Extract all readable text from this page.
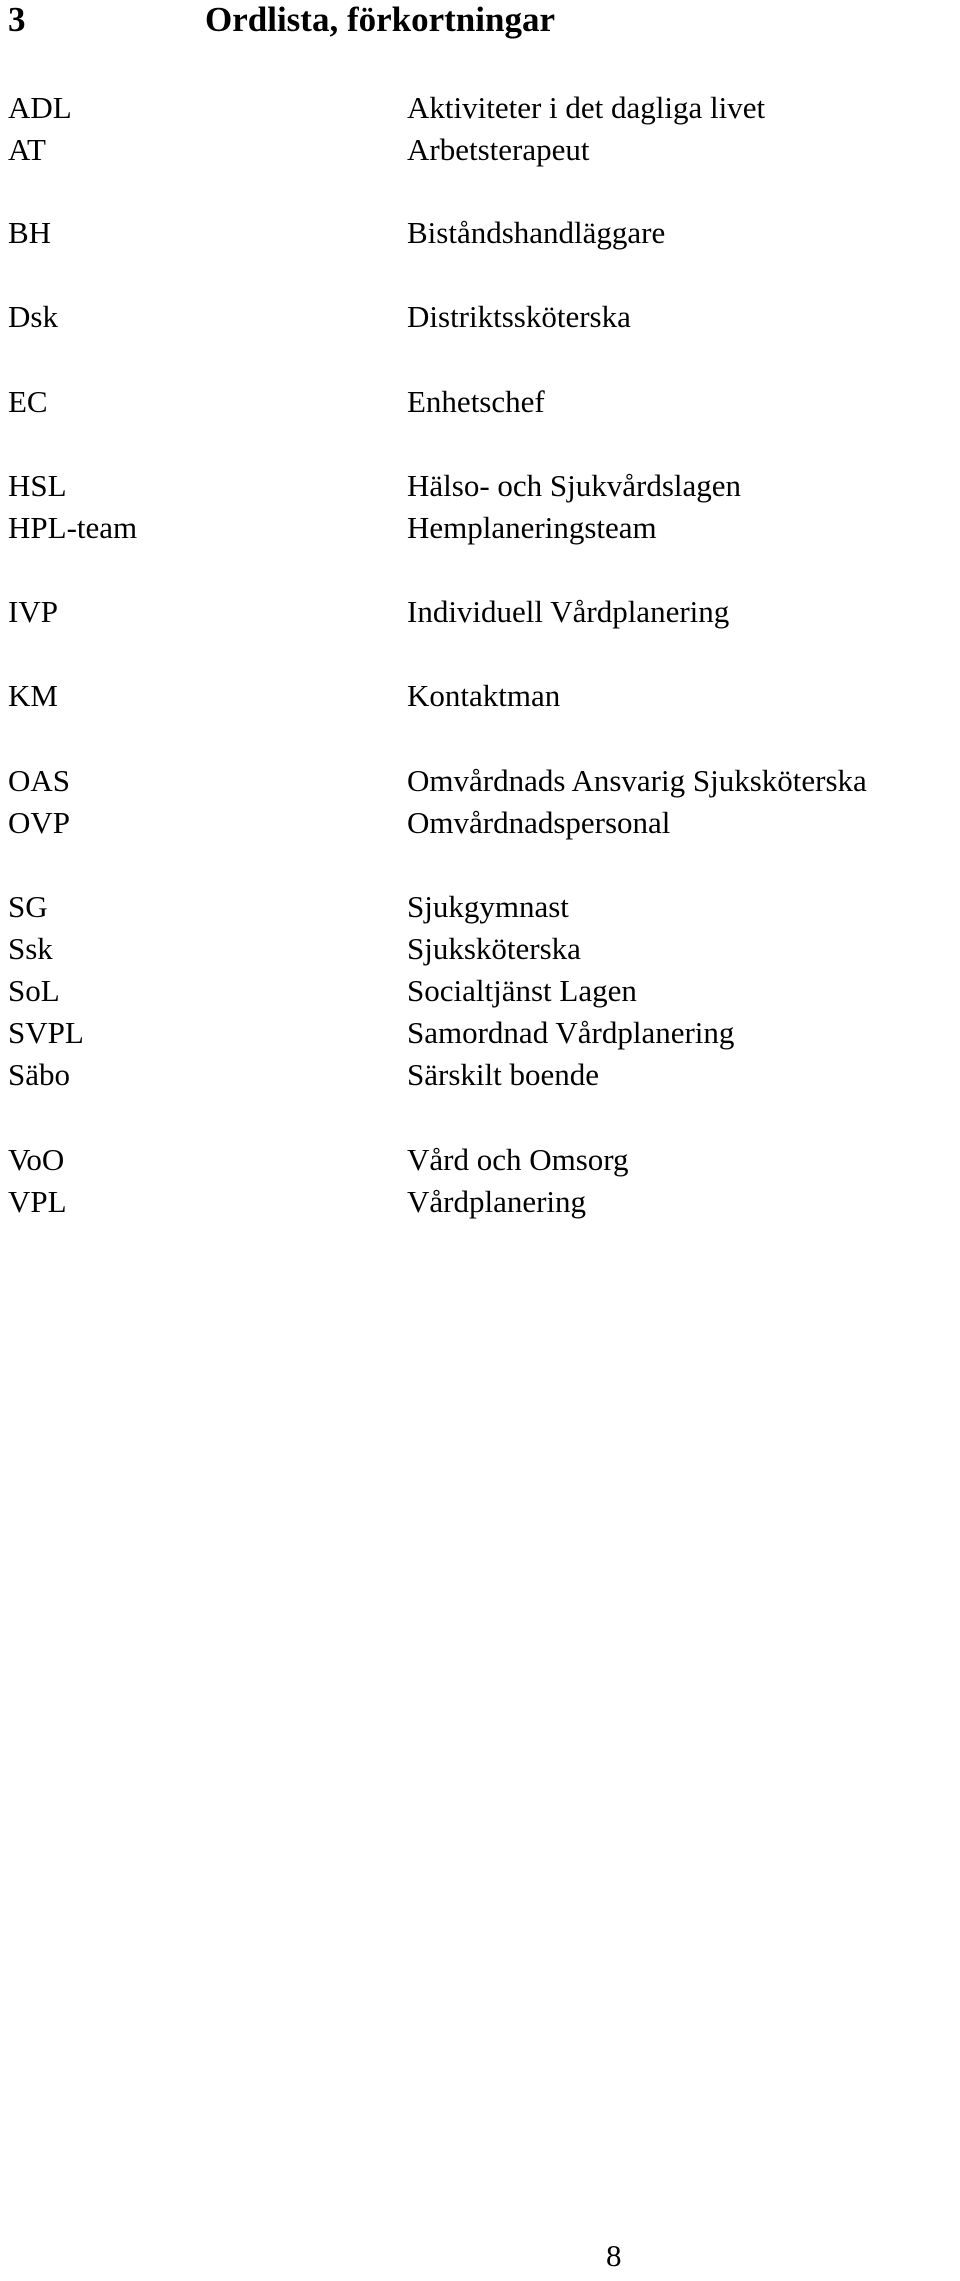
3	Ordlista, förkortningar
ADL	Aktiviteter i det dagliga livet
AT	Arbetsterapeut
BH	Biståndshandläggare
Dsk	Distriktssköterska
EC	Enhetschef
HSL	Hälso- och Sjukvårdslagen
HPL-team	Hemplaneringsteam
IVP	Individuell Vårdplanering
KM	Kontaktman
OAS	Omvårdnads Ansvarig Sjuksköterska
OVP	Omvårdnadspersonal
SG	Sjukgymnast
Ssk	Sjuksköterska
SoL	Socialtjänst Lagen
SVPL	Samordnad Vårdplanering
Säbo	Särskilt boende
VoO	Vård och Omsorg
VPL	Vårdplanering
8
